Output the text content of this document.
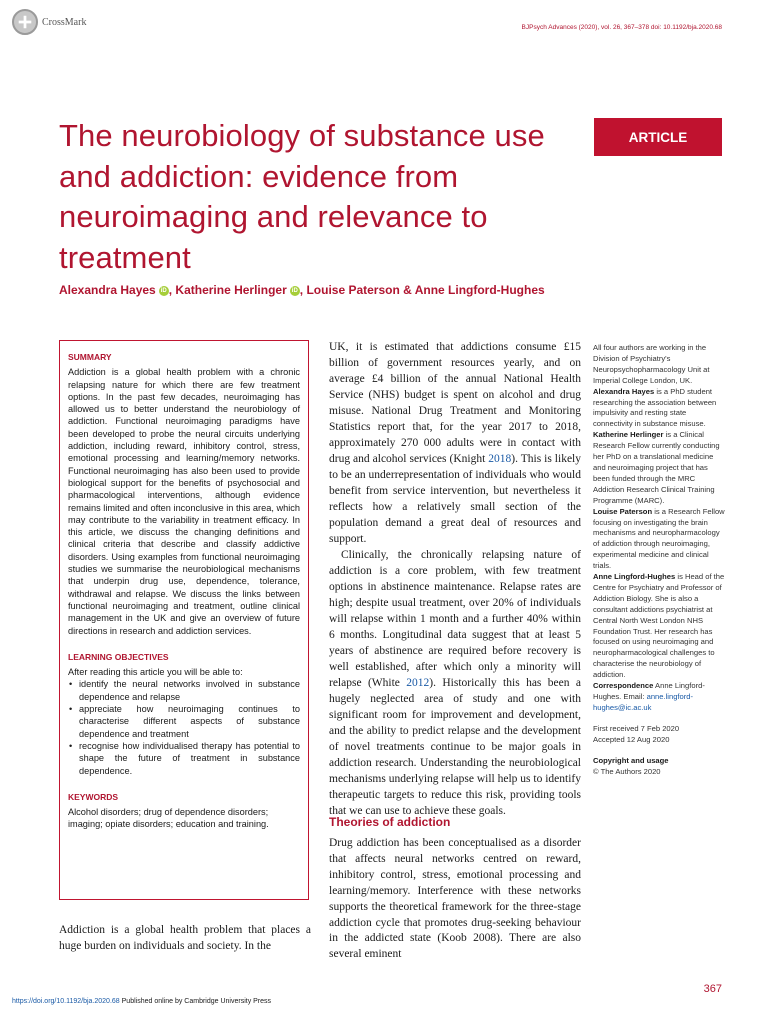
CrossMark	BJPsych Advances (2020), vol. 26, 367–378 doi: 10.1192/bja.2020.68
The neurobiology of substance use and addiction: evidence from neuroimaging and relevance to treatment
ARTICLE
Alexandra Hayes iD , Katherine Herlinger iD , Louise Paterson & Anne Lingford-Hughes
SUMMARY

Addiction is a global health problem with a chronic relapsing nature for which there are few treatment options. In the past few decades, neuroimaging has allowed us to better understand the neurobiology of addiction. Functional neuroimaging paradigms have been developed to probe the neural circuits underlying addiction, including reward, inhibitory control, stress, emotional processing and learning/memory networks. Functional neuroimaging has also been used to provide biological support for the benefits of psychosocial and pharmacological interventions, although evidence remains limited and often inconclusive in this area, which may contribute to the variability in treatment efficacy. In this article, we discuss the changing definitions and clinical criteria that describe and classify addictive disorders. Using examples from functional neuroimaging studies we summarise the neurobiological mechanisms that underpin drug use, dependence, tolerance, withdrawal and relapse. We discuss the links between functional neuroimaging and treatment, outline clinical management in the UK and give an overview of future directions in research and addiction services.

LEARNING OBJECTIVES

After reading this article you will be able to:

• identify the neural networks involved in substance dependence and relapse
• appreciate how neuroimaging continues to characterise different aspects of substance dependence and treatment
• recognise how individualised therapy has potential to shape the future of treatment in substance dependence.
KEYWORDS

Alcohol disorders; drug of dependence disorders; imaging; opiate disorders; education and training.

Addiction is a global health problem that places a huge burden on individuals and society. In the

UK, it is estimated that addictions consume £15 billion of government resources yearly, and on average £4 billion of the annual National Health Service (NHS) budget is spent on alcohol and drug misuse. National Drug Treatment and Monitoring Statistics report that, for the year 2017 to 2018, approximately 270 000 adults were in contact with drug and alcohol services (Knight 2018). This is likely to be an underrepresentation of individuals who would benefit from service intervention, but nevertheless it reflects how a relatively small section of the population demand a great deal of resources and support.

Clinically, the chronically relapsing nature of addiction is a core problem, with few treatment options in abstinence maintenance. Relapse rates are high; despite usual treatment, over 20% of individuals will relapse within 1 month and a further 40% within 6 months. Longitudinal data suggest that at least 5 years of abstinence are required before recovery is well established, after which only a minority will relapse (White 2012). Historically this has been a hugely neglected area of study and one with significant room for improvement and development, and the ability to predict relapse and the development of novel treatments continue to be major goals in addiction research. Understanding the neurobiological mechanisms underlying relapse will help us to identify therapeutic targets to reduce this risk, providing tools that we can use to achieve these goals.

Theories of addiction

Drug addiction has been conceptualised as a disorder that affects neural networks centred on reward, inhibitory control, stress, emotional processing and learning/memory. Interference with these networks supports the theoretical framework for the three-stage addiction cycle that promotes drug-seeking behaviour in the addicted state (Koob 2008). There are also several eminent

All four authors are working in the Division of Psychiatry's Neuropsychopharmacology Unit at Imperial College London, UK.

Alexandra Hayes is a PhD student researching the association between impulsivity and resting state connectivity in substance misuse.

Katherine Herlinger is a Clinical Research Fellow currently conducting her PhD on a translational medicine and neuroimaging project that has been funded through the MRC Addiction Research Clinical Training Programme (MARC).

Louise Paterson is a Research Fellow focusing on investigating the brain mechanisms and neuropharmacology of addiction through neuroimaging, experimental medicine and clinical trials.

Anne Lingford-Hughes is Head of the Centre for Psychiatry and Professor of Addiction Biology. She is also a consultant addictions psychiatrist at Central North West London NHS Foundation Trust. Her research has focused on using neuroimaging and neuropharmacological challenges to characterise the neurobiology of addiction.

Correspondence Anne Lingford-Hughes. Email: anne.lingford-hughes@ic.ac.uk

First received 7 Feb 2020

Accepted 12 Aug 2020

Copyright and usage

© The Authors 2020

367
https://doi.org/10.1192/bja.2020.68 Published online by Cambridge University Press
